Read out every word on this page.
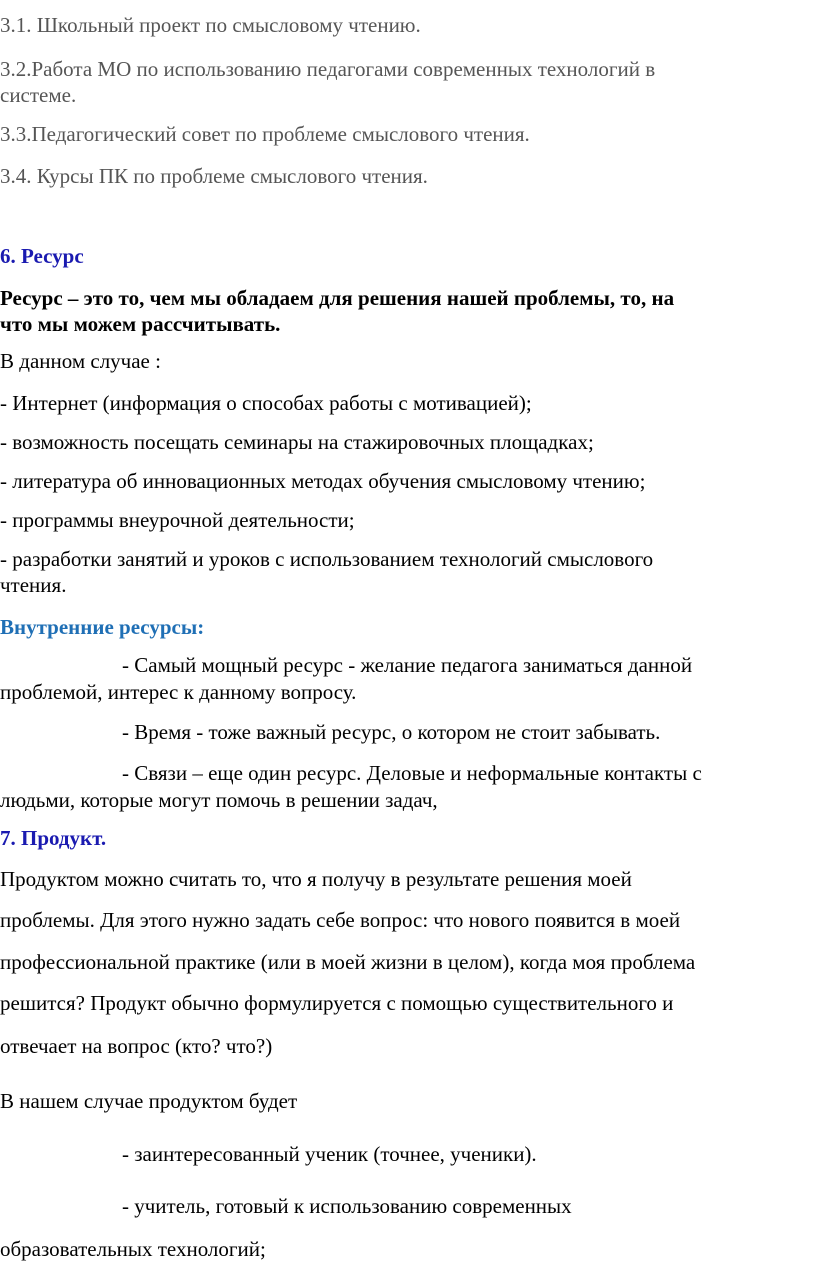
3.1. Школьный проект по смысловому чтению.
3.2.Работа МО по использованию педагогами современных технологий в
системе.
3.3.Педагогический совет по проблеме смыслового чтения.
3.4. Курсы ПК по проблеме смыслового чтения.
6. Ресурс
Ресурс – это то, чем мы обладаем для решения нашей проблемы, то, на
что мы можем рассчитывать.
В данном случае :
- Интернет (информация о способах работы с мотивацией);
- возможность посещать семинары на стажировочных площадках;
- литература об инновационных методах обучения смысловому чтению;
- программы внеурочной деятельности;
- разработки занятий и уроков с использованием технологий смыслового
чтения.
Внутренние ресурсы:
- Самый мощный ресурс - желание педагога заниматься данной
проблемой, интерес к данному вопросу.
- Время - тоже важный ресурс, о котором не стоит забывать.
- Связи – еще один ресурс. Деловые и неформальные контакты с
людьми, которые могут помочь в решении задач,
7. Продукт.
Продуктом можно считать то, что я получу в результате решения моей
проблемы. Для этого нужно задать себе вопрос: что нового появится в моей
профессиональной практике (или в моей жизни в целом), когда моя проблема
решится? Продукт обычно формулируется с помощью существительного и
отвечает на вопрос (кто? что?)
В нашем случае продуктом будет
- заинтересованный ученик (точнее, ученики).
- учитель, готовый к использованию современных
образовательных технологий;
